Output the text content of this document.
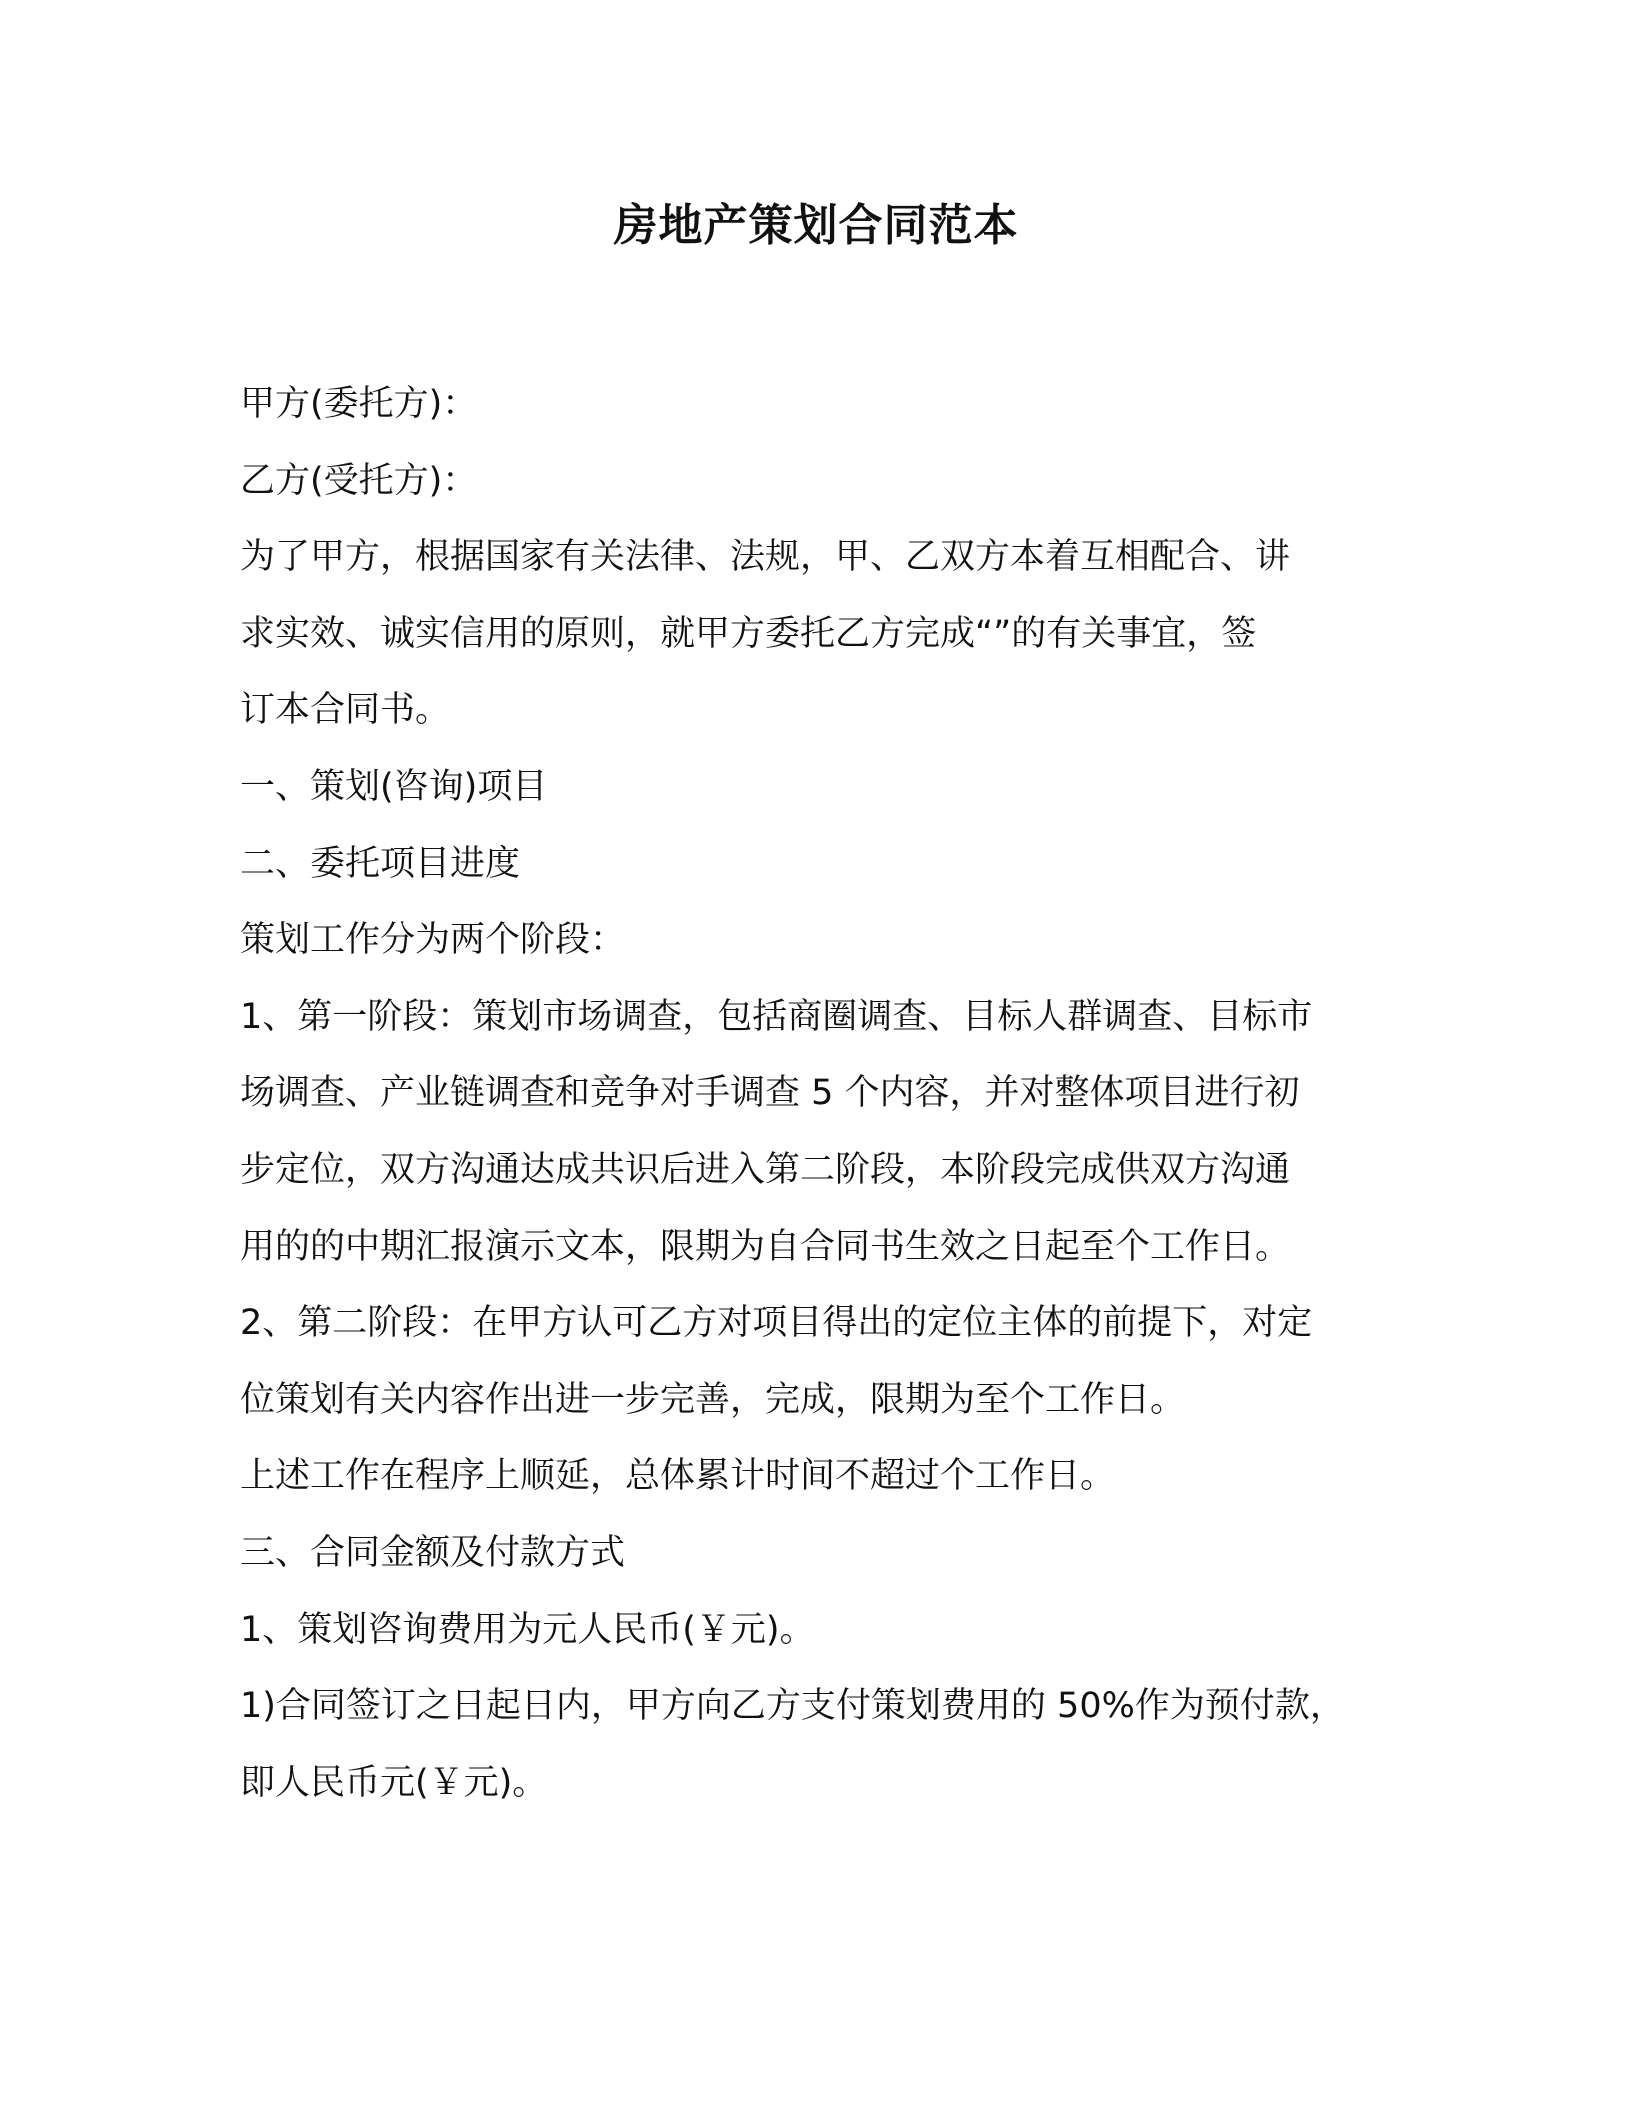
房地产策划合同范本
甲方(委托方)：
乙方(受托方)：
为了甲方，根据国家有关法律、法规，甲、乙双方本着互相配合、讲
求实效、诚实信用的原则，就甲方委托乙方完成“”的有关事宜，签
订本合同书。
一、策划(咨询)项目
二、委托项目进度
策划工作分为两个阶段：
1、第一阶段：策划市场调查，包括商圈调查、目标人群调查、目标市
场调查、产业链调查和竞争对手调查 5 个内容，并对整体项目进行初
步定位，双方沟通达成共识后进入第二阶段，本阶段完成供双方沟通
用的的中期汇报演示文本，限期为自合同书生效之日起至个工作日。
2、第二阶段：在甲方认可乙方对项目得出的定位主体的前提下，对定
位策划有关内容作出进一步完善，完成，限期为至个工作日。
上述工作在程序上顺延，总体累计时间不超过个工作日。
三、合同金额及付款方式
1、策划咨询费用为元人民币(￥元)。
1)合同签订之日起日内，甲方向乙方支付策划费用的 50%作为预付款，
即人民币元(￥元)。
